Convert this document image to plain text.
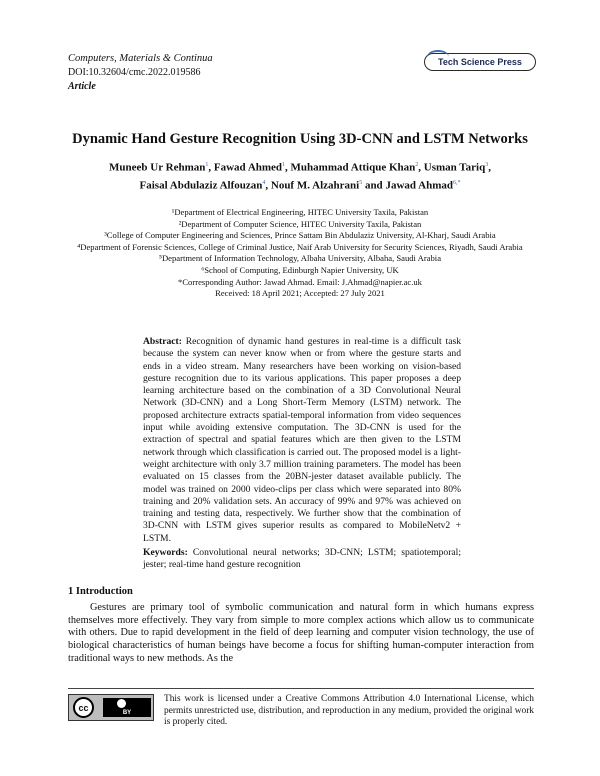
Computers, Materials & Continua
DOI:10.32604/cmc.2022.019586
Article
Tech Science Press
Dynamic Hand Gesture Recognition Using 3D-CNN and LSTM Networks
Muneeb Ur Rehman$^1$, Fawad Ahmed$^1$, Muhammad Attique Khan$^2$, Usman Tariq$^3$,
Faisal Abdulaziz Alfouzan$^4$, Nouf M. Alzahrani$^5$ and Jawad Ahmad$^{6,*}$
¹Department of Electrical Engineering, HITEC University Taxila, Pakistan
²Department of Computer Science, HITEC University Taxila, Pakistan
³College of Computer Engineering and Sciences, Prince Sattam Bin Abdulaziz University, Al-Kharj, Saudi Arabia
⁴Department of Forensic Sciences, College of Criminal Justice, Naif Arab University for Security Sciences, Riyadh, Saudi Arabia
⁵Department of Information Technology, Albaha University, Albaha, Saudi Arabia
⁶School of Computing, Edinburgh Napier University, UK
*Corresponding Author: Jawad Ahmad. Email: J.Ahmad@napier.ac.uk
Received: 18 April 2021; Accepted: 27 July 2021
Abstract: Recognition of dynamic hand gestures in real-time is a difficult task because the system can never know when or from where the gesture starts and ends in a video stream. Many researchers have been working on vision-based gesture recognition due to its various applications. This paper proposes a deep learning architecture based on the combination of a 3D Convolutional Neural Network (3D-CNN) and a Long Short-Term Memory (LSTM) network. The proposed architecture extracts spatial-temporal information from video sequences input while avoiding extensive computation. The 3D-CNN is used for the extraction of spectral and spatial features which are then given to the LSTM network through which classification is carried out. The proposed model is a light-weight architecture with only 3.7 million training parameters. The model has been evaluated on 15 classes from the 20BN-jester dataset available publicly. The model was trained on 2000 video-clips per class which were separated into 80% training and 20% validation sets. An accuracy of 99% and 97% was achieved on training and testing data, respectively. We further show that the combination of 3D-CNN with LSTM gives superior results as compared to MobileNetv2 + LSTM.
Keywords: Convolutional neural networks; 3D-CNN; LSTM; spatiotemporal; jester; real-time hand gesture recognition
1 Introduction
Gestures are primary tool of symbolic communication and natural form in which humans express themselves more effectively. They vary from simple to more complex actions which allow us to communicate with others. Due to rapid development in the field of deep learning and computer vision technology, the use of biological characteristics of human beings have become a focus for shifting human-computer interaction from traditional ways to new methods. As the
cc
BY
This work is licensed under a Creative Commons Attribution 4.0 International License, which permits unrestricted use, distribution, and reproduction in any medium, provided the original work is properly cited.
